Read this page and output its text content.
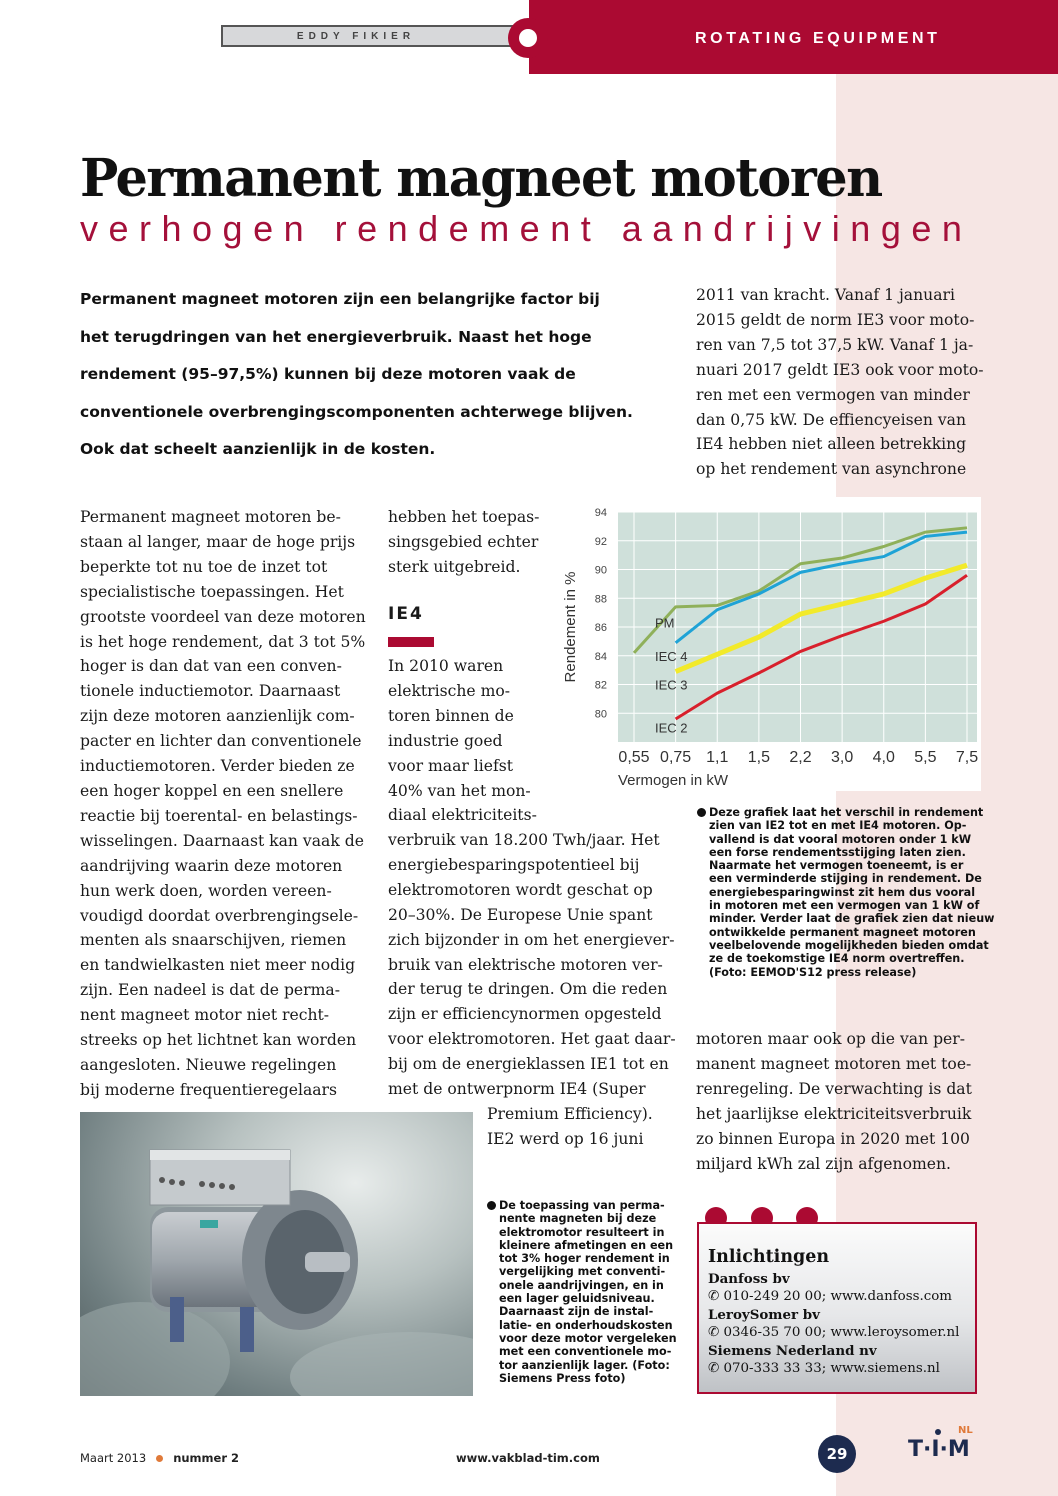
EDDY FIKIER	ROTATING EQUIPMENT
Permanent magneet motoren
verhogen rendement aandrijvingen

Permanent magneet motoren zijn een belangrijke factor bij

het terugdringen van het energieverbruik. Naast het hoge

rendement (95–97,5%) kunnen bij deze motoren vaak de

conventionele overbrengingscomponenten achterwege blijven.

Ook dat scheelt aanzienlijk in de kosten.

Permanent magneet motoren be-

staan al langer, maar de hoge prijs

beperkte tot nu toe de inzet tot

specialistische toepassingen. Het

grootste voordeel van deze motoren

is het hoge rendement, dat 3 tot 5%

hoger is dan dat van een conven-

tionele inductiemotor. Daarnaast

zijn deze motoren aanzienlijk com-

pacter en lichter dan conventionele

inductiemotoren. Verder bieden ze

een hoger koppel en een snellere

reactie bij toerental- en belastings-

wisselingen. Daarnaast kan vaak de

aandrijving waarin deze motoren

hun werk doen, worden vereen-

voudigd doordat overbrengingsele-

menten als snaarschijven, riemen

en tandwielkasten niet meer nodig

zijn. Een nadeel is dat de perma-

nent magneet motor niet recht-

streeks op het lichtnet kan worden

aangesloten. Nieuwe regelingen

bij moderne frequentieregelaars

hebben het toepas-

singsgebied echter

sterk uitgebreid.

IE4

In 2010 waren

elektrische mo-

toren binnen de

industrie goed

voor maar liefst

40% van het mon-

diaal elektriciteits-

verbruik van 18.200 Twh/jaar. Het

energiebesparingspotentieel bij

elektromotoren wordt geschat op

20–30%. De Europese Unie spant

zich bijzonder in om het energiever-

bruik van elektrische motoren ver-

der terug te dringen. Om die reden

zijn er efficiencynormen opgesteld

voor elektromotoren. Het gaat daar-

bij om de energieklassen IE1 tot en

met de ontwerpnorm IE4 (Super

Premium Efficiency).

IE2 werd op 16 juni

2011 van kracht. Vanaf 1 januari

2015 geldt de norm IE3 voor moto-

ren van 7,5 tot 37,5 kW. Vanaf 1 ja-

nuari 2017 geldt IE3 ook voor moto-

ren met een vermogen van minder

dan 0,75 kW. De effiencyeisen van

IE4 hebben niet alleen betrekking

op het rendement van asynchrone

motoren maar ook op die van per-

manent magneet motoren met toe-

renregeling. De verwachting is dat

het jaarlijkse elektriciteitsverbruik

zo binnen Europa in 2020 met 100

miljard kWh zal zijn afgenomen.

80
82
84
86
88
90
92
94
0,55 0,75 1,1 1,5 2,2 3,0 4,0 5,5 7,5
Vermogen in kW
Rendement in %	PM
IEC 4
IEC 3
IEC 2

Deze grafiek laat het verschil in rendement

zien van IE2 tot en met IE4 motoren. Op-

vallend is dat vooral motoren onder 1 kW

een forse rendementsstijging laten zien.

Naarmate het vermogen toeneemt, is er

een verminderde stijging in rendement. De

energiebesparingwinst zit hem dus vooral

in motoren met een vermogen van 1 kW of

minder. Verder laat de grafiek zien dat nieuw

ontwikkelde permanent magneet motoren

veelbelovende mogelijkheden bieden omdat

ze de toekomstige IE4 norm overtreffen.

(Foto: EEMOD'S12 press release)

De toepassing van perma-

nente magneten bij deze

elektromotor resulteert in

kleinere afmetingen en een

tot 3% hoger rendement in

vergelijking met conventi-

onele aandrijvingen, en in

een lager geluidsniveau.

Daarnaast zijn de instal-

latie- en onderhoudskosten

voor deze motor vergeleken

met een conventionele mo-

tor aanzienlijk lager. (Foto:

Siemens Press foto)

Inlichtingen
Danfoss bv
✆ 010-249 20 00; www.danfoss.com
LeroySomer bv
✆ 0346-35 70 00; www.leroysomer.nl
Siemens Nederland nv
✆ 070-333 33 33; www.siemens.nl
Maart 2013 nummer 2	www.vakblad-tim.com	29
NL
T·I·M
